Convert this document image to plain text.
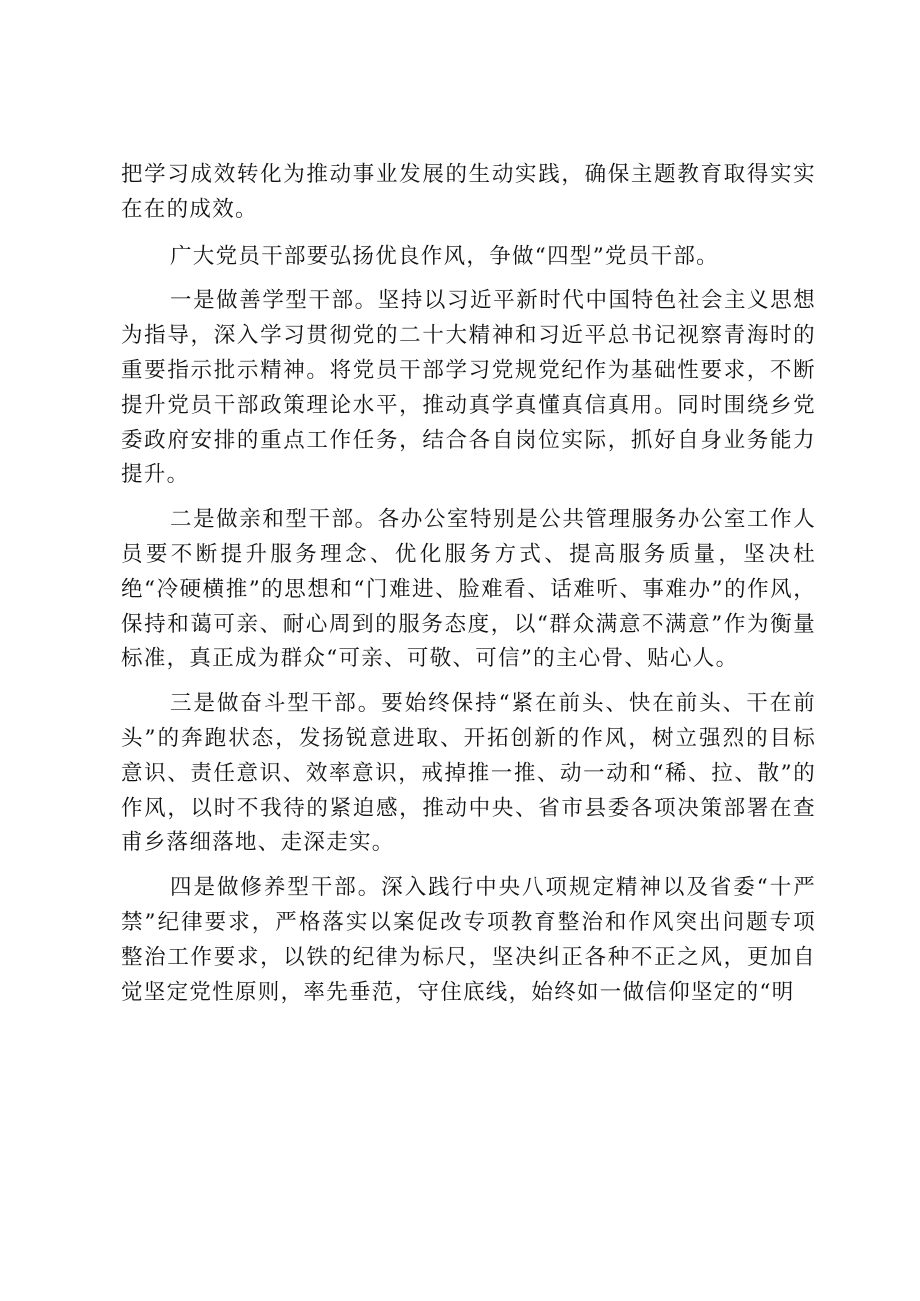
把学习成效转化为推动事业发展的生动实践，确保主题教育取得实实在在的成效。

广大党员干部要弘扬优良作风，争做“四型”党员干部。

一是做善学型干部。坚持以习近平新时代中国特色社会主义思想为指导，深入学习贯彻党的二十大精神和习近平总书记视察青海时的重要指示批示精神。将党员干部学习党规党纪作为基础性要求，不断提升党员干部政策理论水平，推动真学真懂真信真用。同时围绕乡党委政府安排的重点工作任务，结合各自岗位实际，抓好自身业务能力提升。

二是做亲和型干部。各办公室特别是公共管理服务办公室工作人员要不断提升服务理念、优化服务方式、提高服务质量，坚决杜绝“冷硬横推”的思想和“门难进、脸难看、话难听、事难办”的作风，保持和蔼可亲、耐心周到的服务态度，以“群众满意不满意”作为衡量标准，真正成为群众“可亲、可敬、可信”的主心骨、贴心人。

三是做奋斗型干部。要始终保持“紧在前头、快在前头、干在前头”的奔跑状态，发扬锐意进取、开拓创新的作风，树立强烈的目标意识、责任意识、效率意识，戒掉推一推、动一动和“稀、拉、散”的作风，以时不我待的紧迫感，推动中央、省市县委各项决策部署在查甫乡落细落地、走深走实。

四是做修养型干部。深入践行中央八项规定精神以及省委“十严禁”纪律要求，严格落实以案促改专项教育整治和作风突出问题专项整治工作要求，以铁的纪律为标尺，坚决纠正各种不正之风，更加自觉坚定党性原则，率先垂范，守住底线，始终如一做信仰坚定的“明
